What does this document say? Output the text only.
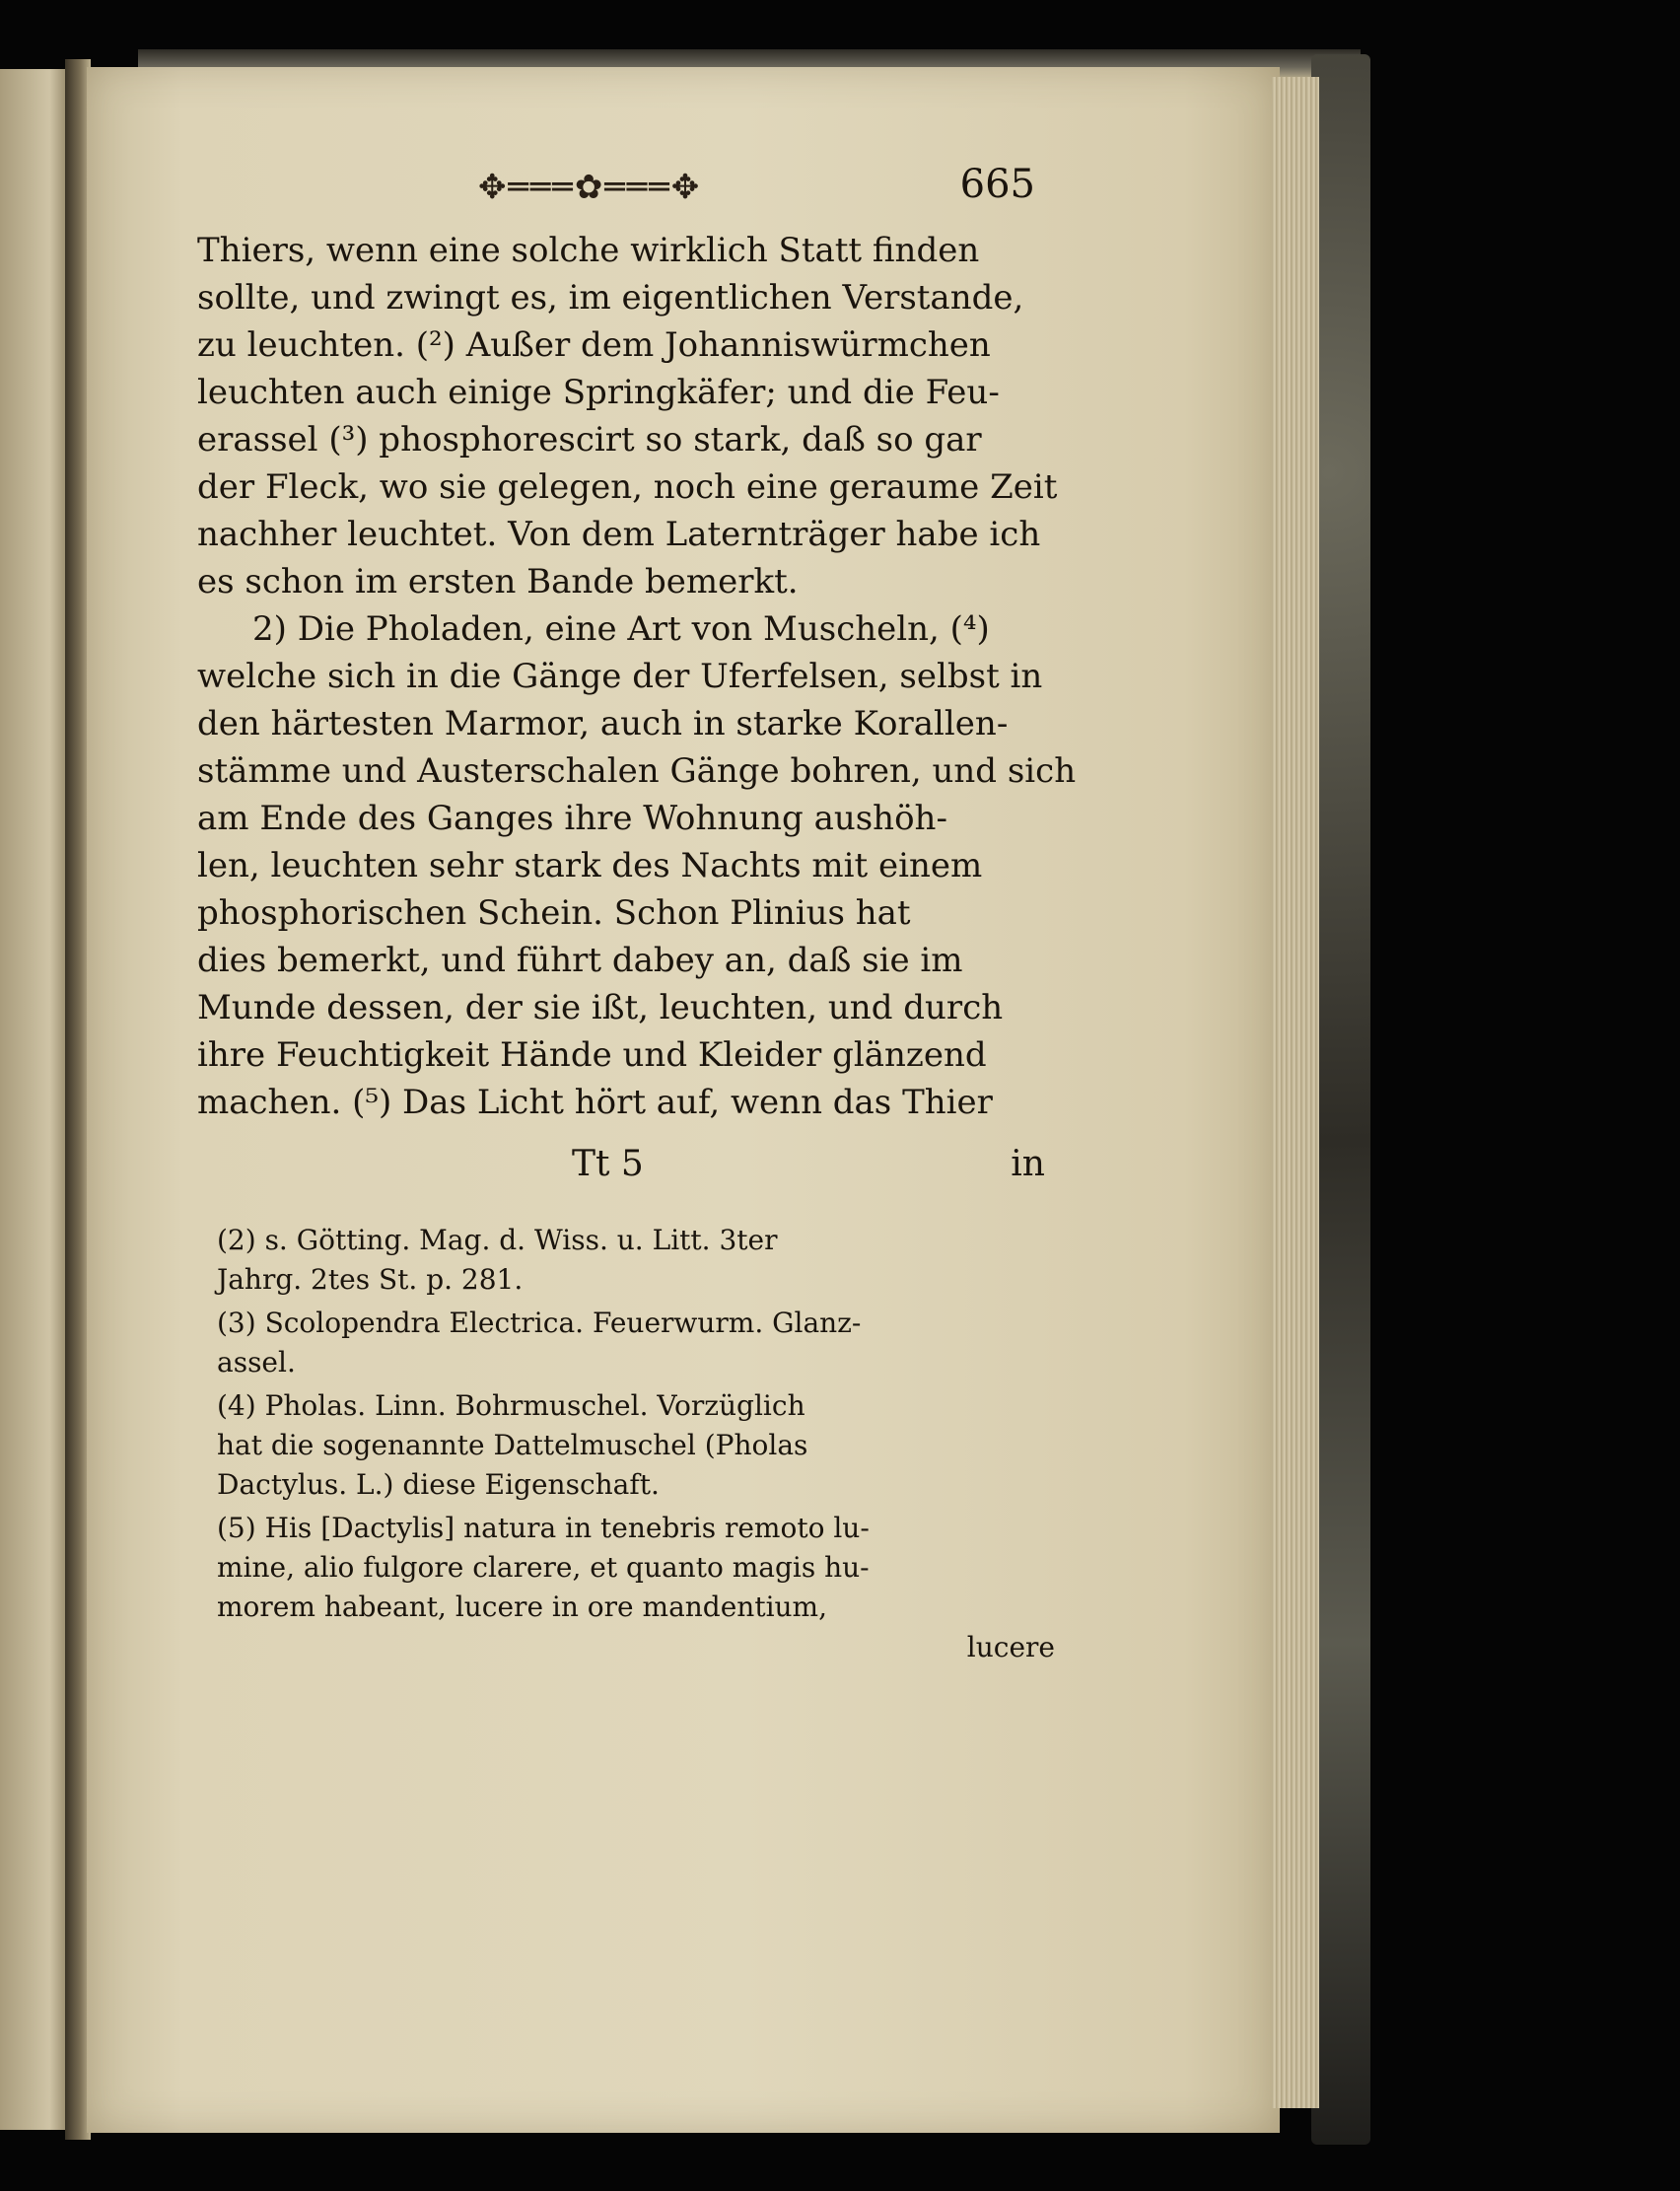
✥═══✿═══✥	665

Thiers, wenn eine solche wirklich Statt finden
sollte, und zwingt es, im eigentlichen Verstande,
zu leuchten. (²) Außer dem Johanniswürmchen
leuchten auch einige Springkäfer; und die Feu-
erassel (³) phosphorescirt so stark, daß so gar
der Fleck, wo sie gelegen, noch eine geraume Zeit
nachher leuchtet. Von dem Laternträger habe ich
es schon im ersten Bande bemerkt.
2) Die Pholaden, eine Art von Muscheln, (⁴)
welche sich in die Gänge der Uferfelsen, selbst in
den härtesten Marmor, auch in starke Korallen-
stämme und Austerschalen Gänge bohren, und sich
am Ende des Ganges ihre Wohnung aushöh-
len, leuchten sehr stark des Nachts mit einem
phosphorischen Schein. Schon Plinius hat
dies bemerkt, und führt dabey an, daß sie im
Munde dessen, der sie ißt, leuchten, und durch
ihre Feuchtigkeit Hände und Kleider glänzend
machen. (⁵) Das Licht hört auf, wenn das Thier

Tt 5	in

(2) s. Götting. Mag. d. Wiss. u. Litt. 3ter
Jahrg. 2tes St. p. 281.

(3) Scolopendra Electrica. Feuerwurm. Glanz-
assel.

(4) Pholas. Linn. Bohrmuschel. Vorzüglich
hat die sogenannte Dattelmuschel (Pholas
Dactylus. L.) diese Eigenschaft.

(5) His [Dactylis] natura in tenebris remoto lu-
mine, alio fulgore clarere, et quanto magis hu-
morem habeant, lucere in ore mandentium,

lucere
